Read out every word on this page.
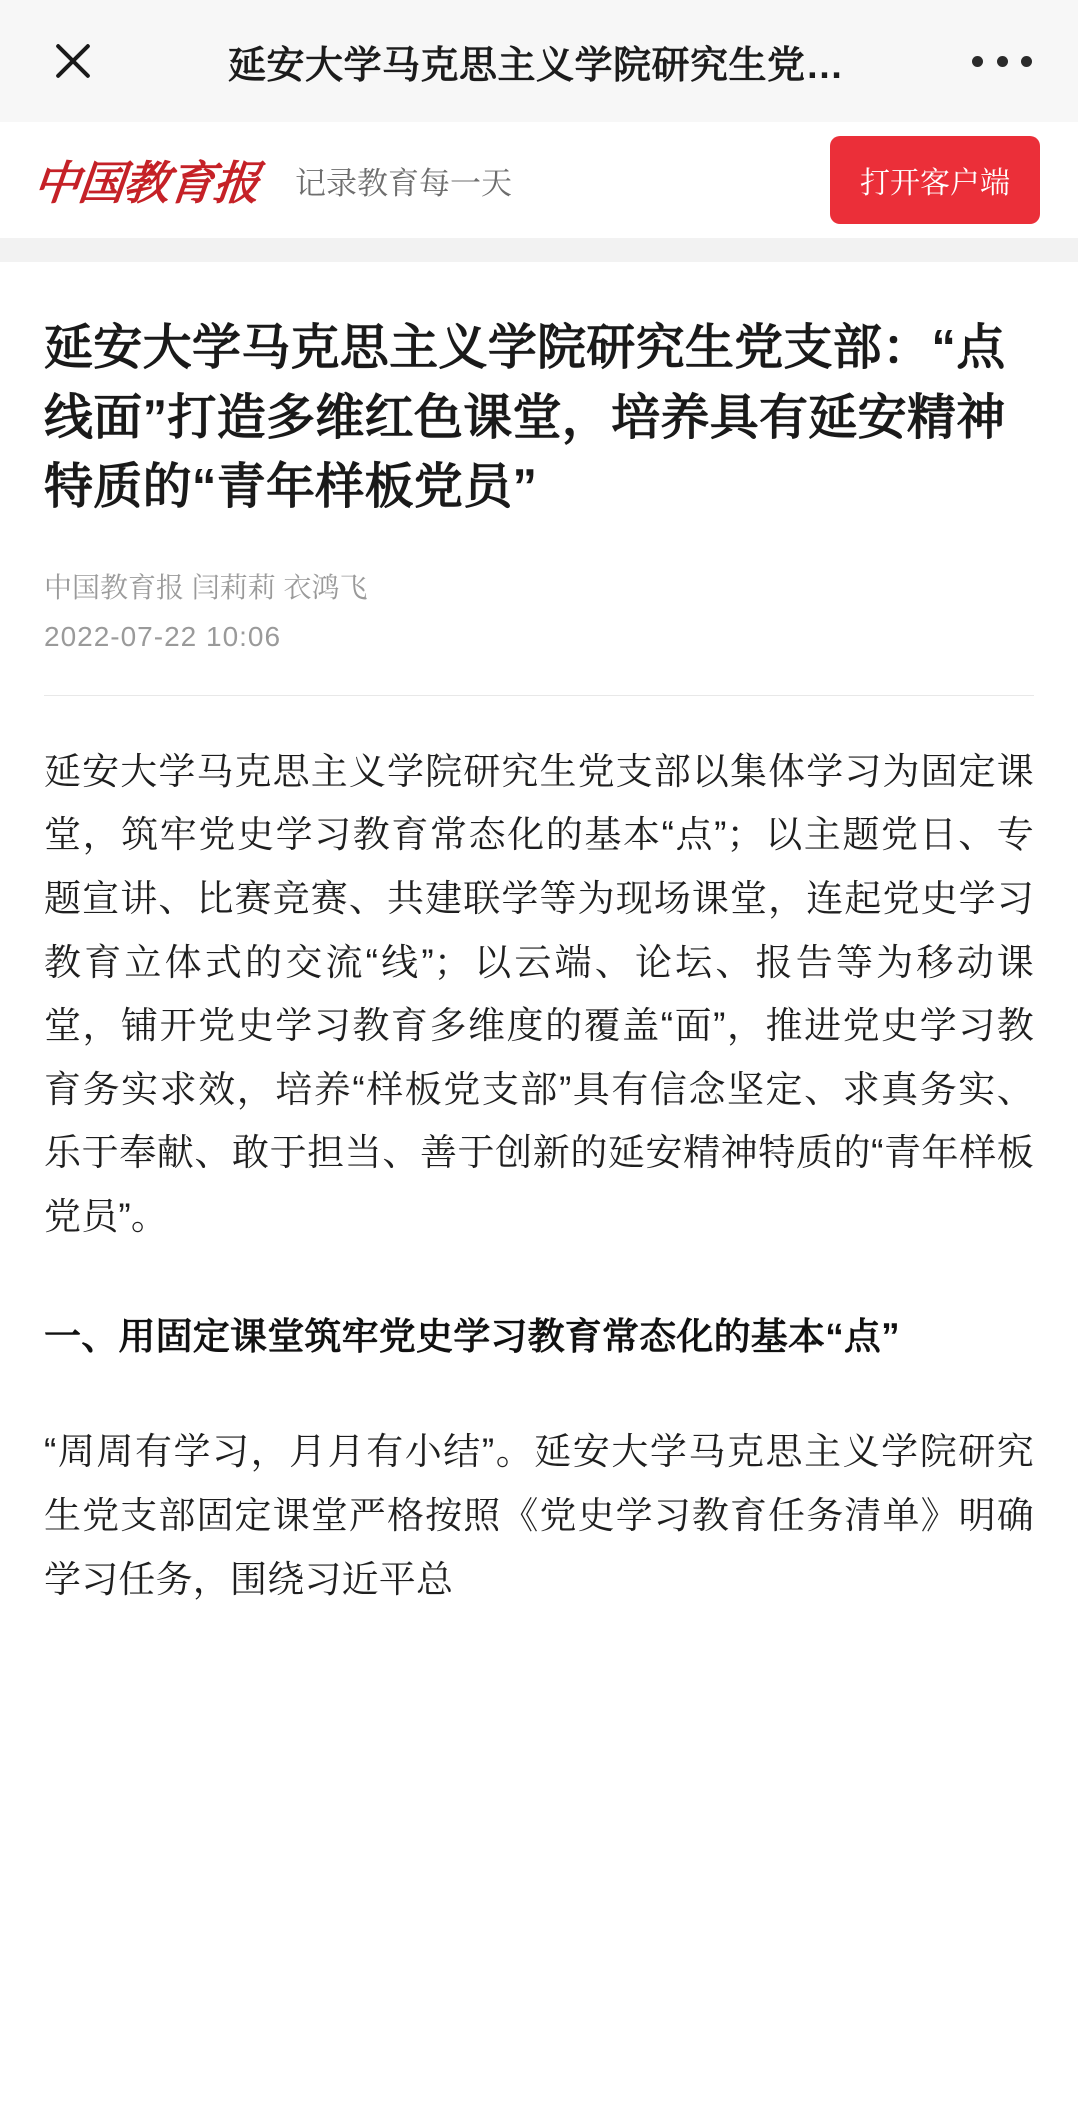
延安大学马克思主义学院研究生党…
中国教育报 记录教育每一天	打开客户端
延安大学马克思主义学院研究生党支部：“点线面”打造多维红色课堂，培养具有延安精神特质的“青年样板党员”
中国教育报 闫莉莉 衣鸿飞
2022-07-22 10:06

延安大学马克思主义学院研究生党支部以集体学习为固定课堂，筑牢党史学习教育常态化的基本“点”；以主题党日、专题宣讲、比赛竞赛、共建联学等为现场课堂，连起党史学习教育立体式的交流“线”；以云端、论坛、报告等为移动课堂，铺开党史学习教育多维度的覆盖“面”，推进党史学习教育务实求效，培养“样板党支部”具有信念坚定、求真务实、乐于奉献、敢于担当、善于创新的延安精神特质的“青年样板党员”。

一、用固定课堂筑牢党史学习教育常态化的基本“点”

“周周有学习，月月有小结”。延安大学马克思主义学院研究生党支部固定课堂严格按照《党史学习教育任务清单》明确学习任务，围绕习近平总
